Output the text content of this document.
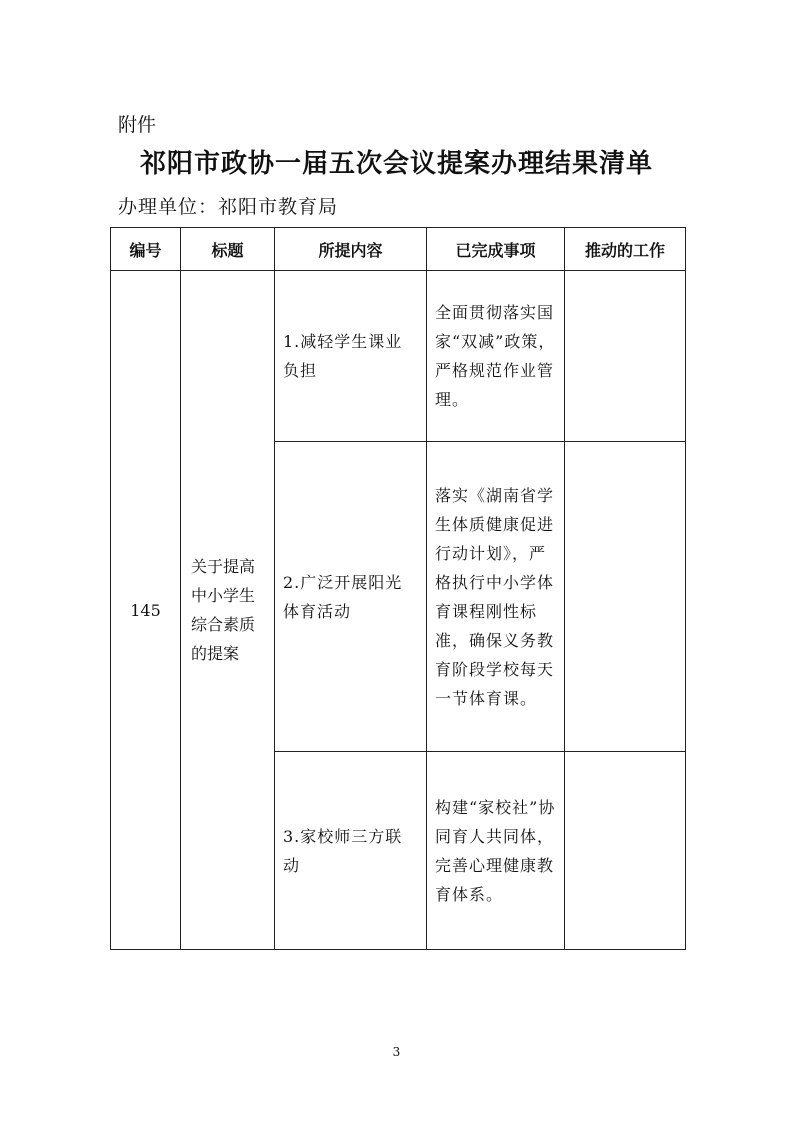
附件
祁阳市政协一届五次会议提案办理结果清单
办理单位：祁阳市教育局
编号	标题	所提内容	已完成事项	推动的工作
145	关于提高中小学生综合素质的提案	1.减轻学生课业负担	全面贯彻落实国家“双减”政策，严格规范作业管理。	
		2.广泛开展阳光体育活动	落实《湖南省学生体质健康促进行动计划》，严格执行中小学体育课程刚性标准，确保义务教育阶段学校每天一节体育课。	
		3.家校师三方联动	构建“家校社”协同育人共同体，完善心理健康教育体系。	
3
